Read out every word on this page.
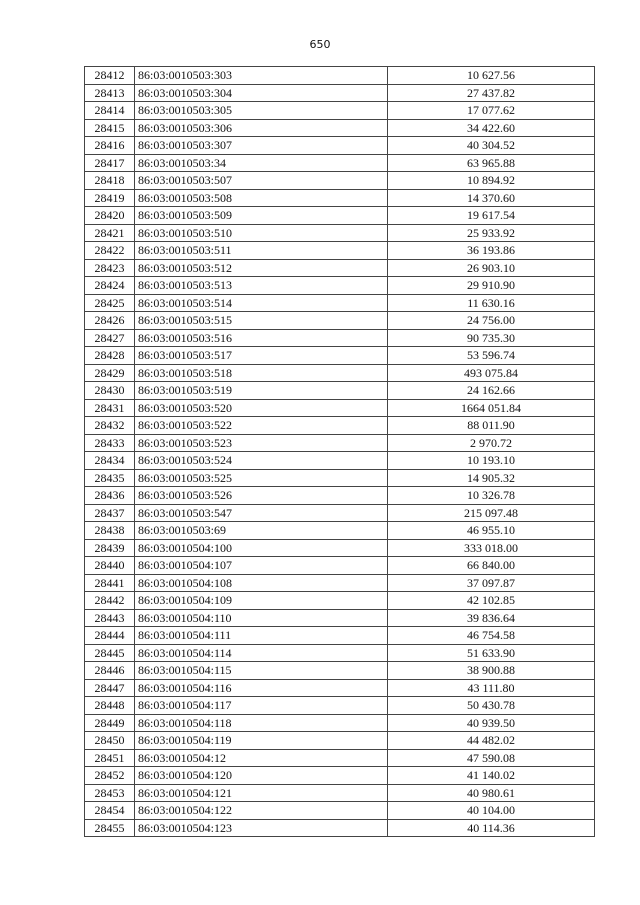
650
28412	86:03:0010503:303	10 627.56
28413	86:03:0010503:304	27 437.82
28414	86:03:0010503:305	17 077.62
28415	86:03:0010503:306	34 422.60
28416	86:03:0010503:307	40 304.52
28417	86:03:0010503:34	63 965.88
28418	86:03:0010503:507	10 894.92
28419	86:03:0010503:508	14 370.60
28420	86:03:0010503:509	19 617.54
28421	86:03:0010503:510	25 933.92
28422	86:03:0010503:511	36 193.86
28423	86:03:0010503:512	26 903.10
28424	86:03:0010503:513	29 910.90
28425	86:03:0010503:514	11 630.16
28426	86:03:0010503:515	24 756.00
28427	86:03:0010503:516	90 735.30
28428	86:03:0010503:517	53 596.74
28429	86:03:0010503:518	493 075.84
28430	86:03:0010503:519	24 162.66
28431	86:03:0010503:520	1664 051.84
28432	86:03:0010503:522	88 011.90
28433	86:03:0010503:523	2 970.72
28434	86:03:0010503:524	10 193.10
28435	86:03:0010503:525	14 905.32
28436	86:03:0010503:526	10 326.78
28437	86:03:0010503:547	215 097.48
28438	86:03:0010503:69	46 955.10
28439	86:03:0010504:100	333 018.00
28440	86:03:0010504:107	66 840.00
28441	86:03:0010504:108	37 097.87
28442	86:03:0010504:109	42 102.85
28443	86:03:0010504:110	39 836.64
28444	86:03:0010504:111	46 754.58
28445	86:03:0010504:114	51 633.90
28446	86:03:0010504:115	38 900.88
28447	86:03:0010504:116	43 111.80
28448	86:03:0010504:117	50 430.78
28449	86:03:0010504:118	40 939.50
28450	86:03:0010504:119	44 482.02
28451	86:03:0010504:12	47 590.08
28452	86:03:0010504:120	41 140.02
28453	86:03:0010504:121	40 980.61
28454	86:03:0010504:122	40 104.00
28455	86:03:0010504:123	40 114.36
